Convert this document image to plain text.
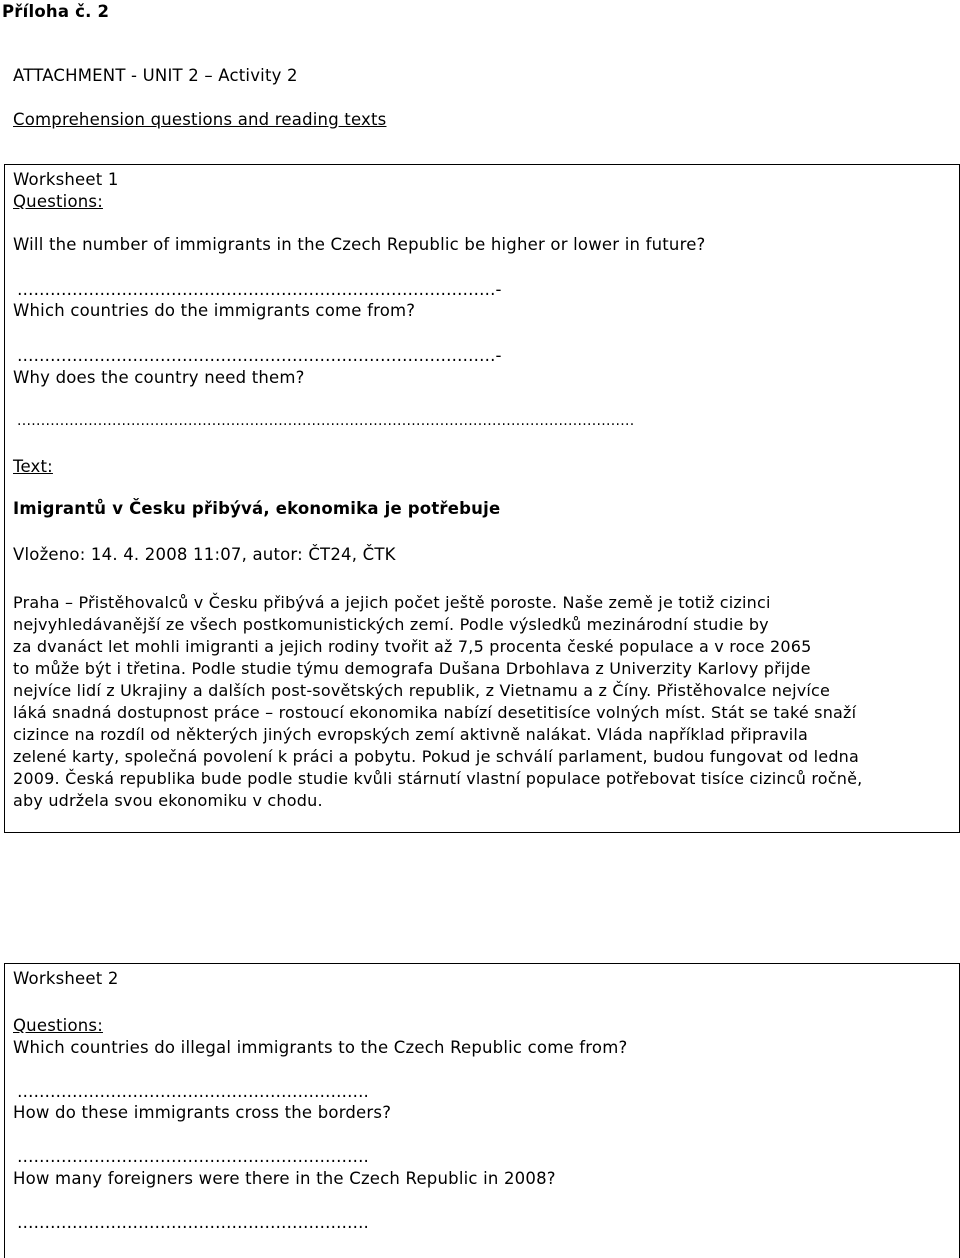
Příloha č. 2
ATTACHMENT - UNIT 2 – Activity 2
Comprehension questions and reading texts
Worksheet 1
Questions:
Will the number of immigrants in the Czech Republic be higher or lower in future?
……………………………………………………………………………-
Which countries do the immigrants come from?
……………………………………………………………………………-
Why does the country need them?
..................................................................................................................................
Text:
Imigrantů v Česku přibývá, ekonomika je potřebuje
Vloženo: 14. 4. 2008 11:07, autor: ČT24, ČTK
Praha – Přistěhovalců v Česku přibývá a jejich počet ještě poroste. Naše země je totiž cizinci
nejvyhledávanější ze všech postkomunistických zemí. Podle výsledků mezinárodní studie by
za dvanáct let mohli imigranti a jejich rodiny tvořit až 7,5 procenta české populace a v roce 2065
to může být i třetina. Podle studie týmu demografa Dušana Drbohlava z Univerzity Karlovy přijde
nejvíce lidí z Ukrajiny a dalších post-sovětských republik, z Vietnamu a z Číny. Přistěhovalce nejvíce
láká snadná dostupnost práce – rostoucí ekonomika nabízí desetitisíce volných míst. Stát se také snaží
cizince na rozdíl od některých jiných evropských zemí aktivně nalákat. Vláda například připravila
zelené karty, společná povolení k práci a pobytu. Pokud je schválí parlament, budou fungovat od ledna
2009. Česká republika bude podle studie kvůli stárnutí vlastní populace potřebovat tisíce cizinců ročně,
aby udržela svou ekonomiku v chodu.
Worksheet 2
Questions:
Which countries do illegal immigrants to the Czech Republic come from?
……………………………………………………….
How do these immigrants cross the borders?
……………………………………………………….
How many foreigners were there in the Czech Republic in 2008?
……………………………………………………….
